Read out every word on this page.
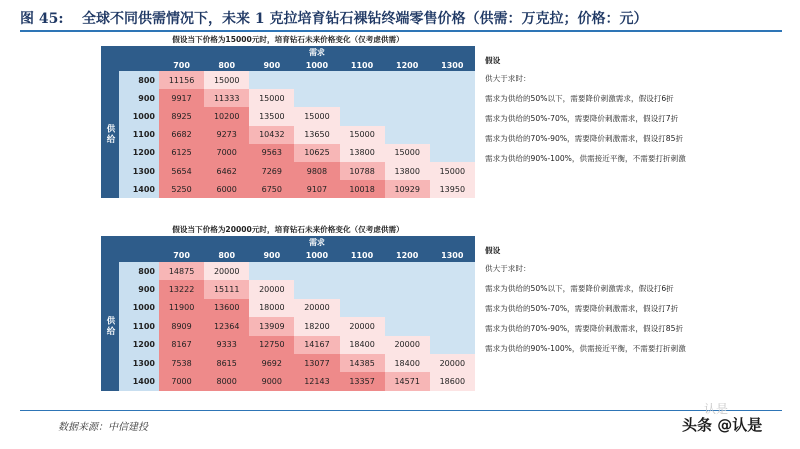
图 45: 全球不同供需情况下，未来 1 克拉培育钻石裸钻终端零售价格（供需：万克拉；价格：元）
假设当下价格为15000元时，培育钻石未来价格变化（仅考虑供需）
需求
700	800	900	1000	1100	1200	1300
供给
800	11156	15000
900	9917	11333	15000
1000	8925	10200	13500	15000
1100	6682	9273	10432	13650	15000
1200	6125	7000	9563	10625	13800	15000
1300	5654	6462	7269	9808	10788	13800	15000
1400	5250	6000	6750	9107	10018	10929	13950
假设当下价格为20000元时，培育钻石未来价格变化（仅考虑供需）
需求
700	800	900	1000	1100	1200	1300
供给
800	14875	20000
900	13222	15111	20000
1000	11900	13600	18000	20000
1100	8909	12364	13909	18200	20000
1200	8167	9333	12750	14167	18400	20000
1300	7538	8615	9692	13077	14385	18400	20000
1400	7000	8000	9000	12143	13357	14571	18600
假设
供大于求时：
需求为供给的50%以下，需要降价刺激需求，假设打6折
需求为供给的50%-70%，需要降价刺激需求，假设打7折
需求为供给的70%-90%，需要降价刺激需求，假设打85折
需求为供给的90%-100%，供需接近平衡，不需要打折刺激
假设
供大于求时：
需求为供给的50%以下，需要降价刺激需求，假设打6折
需求为供给的50%-70%，需要降价刺激需求，假设打7折
需求为供给的70%-90%，需要降价刺激需求，假设打85折
需求为供给的90%-100%，供需接近平衡，不需要打折刺激
数据来源：中信建投
认是
头条 @认是
